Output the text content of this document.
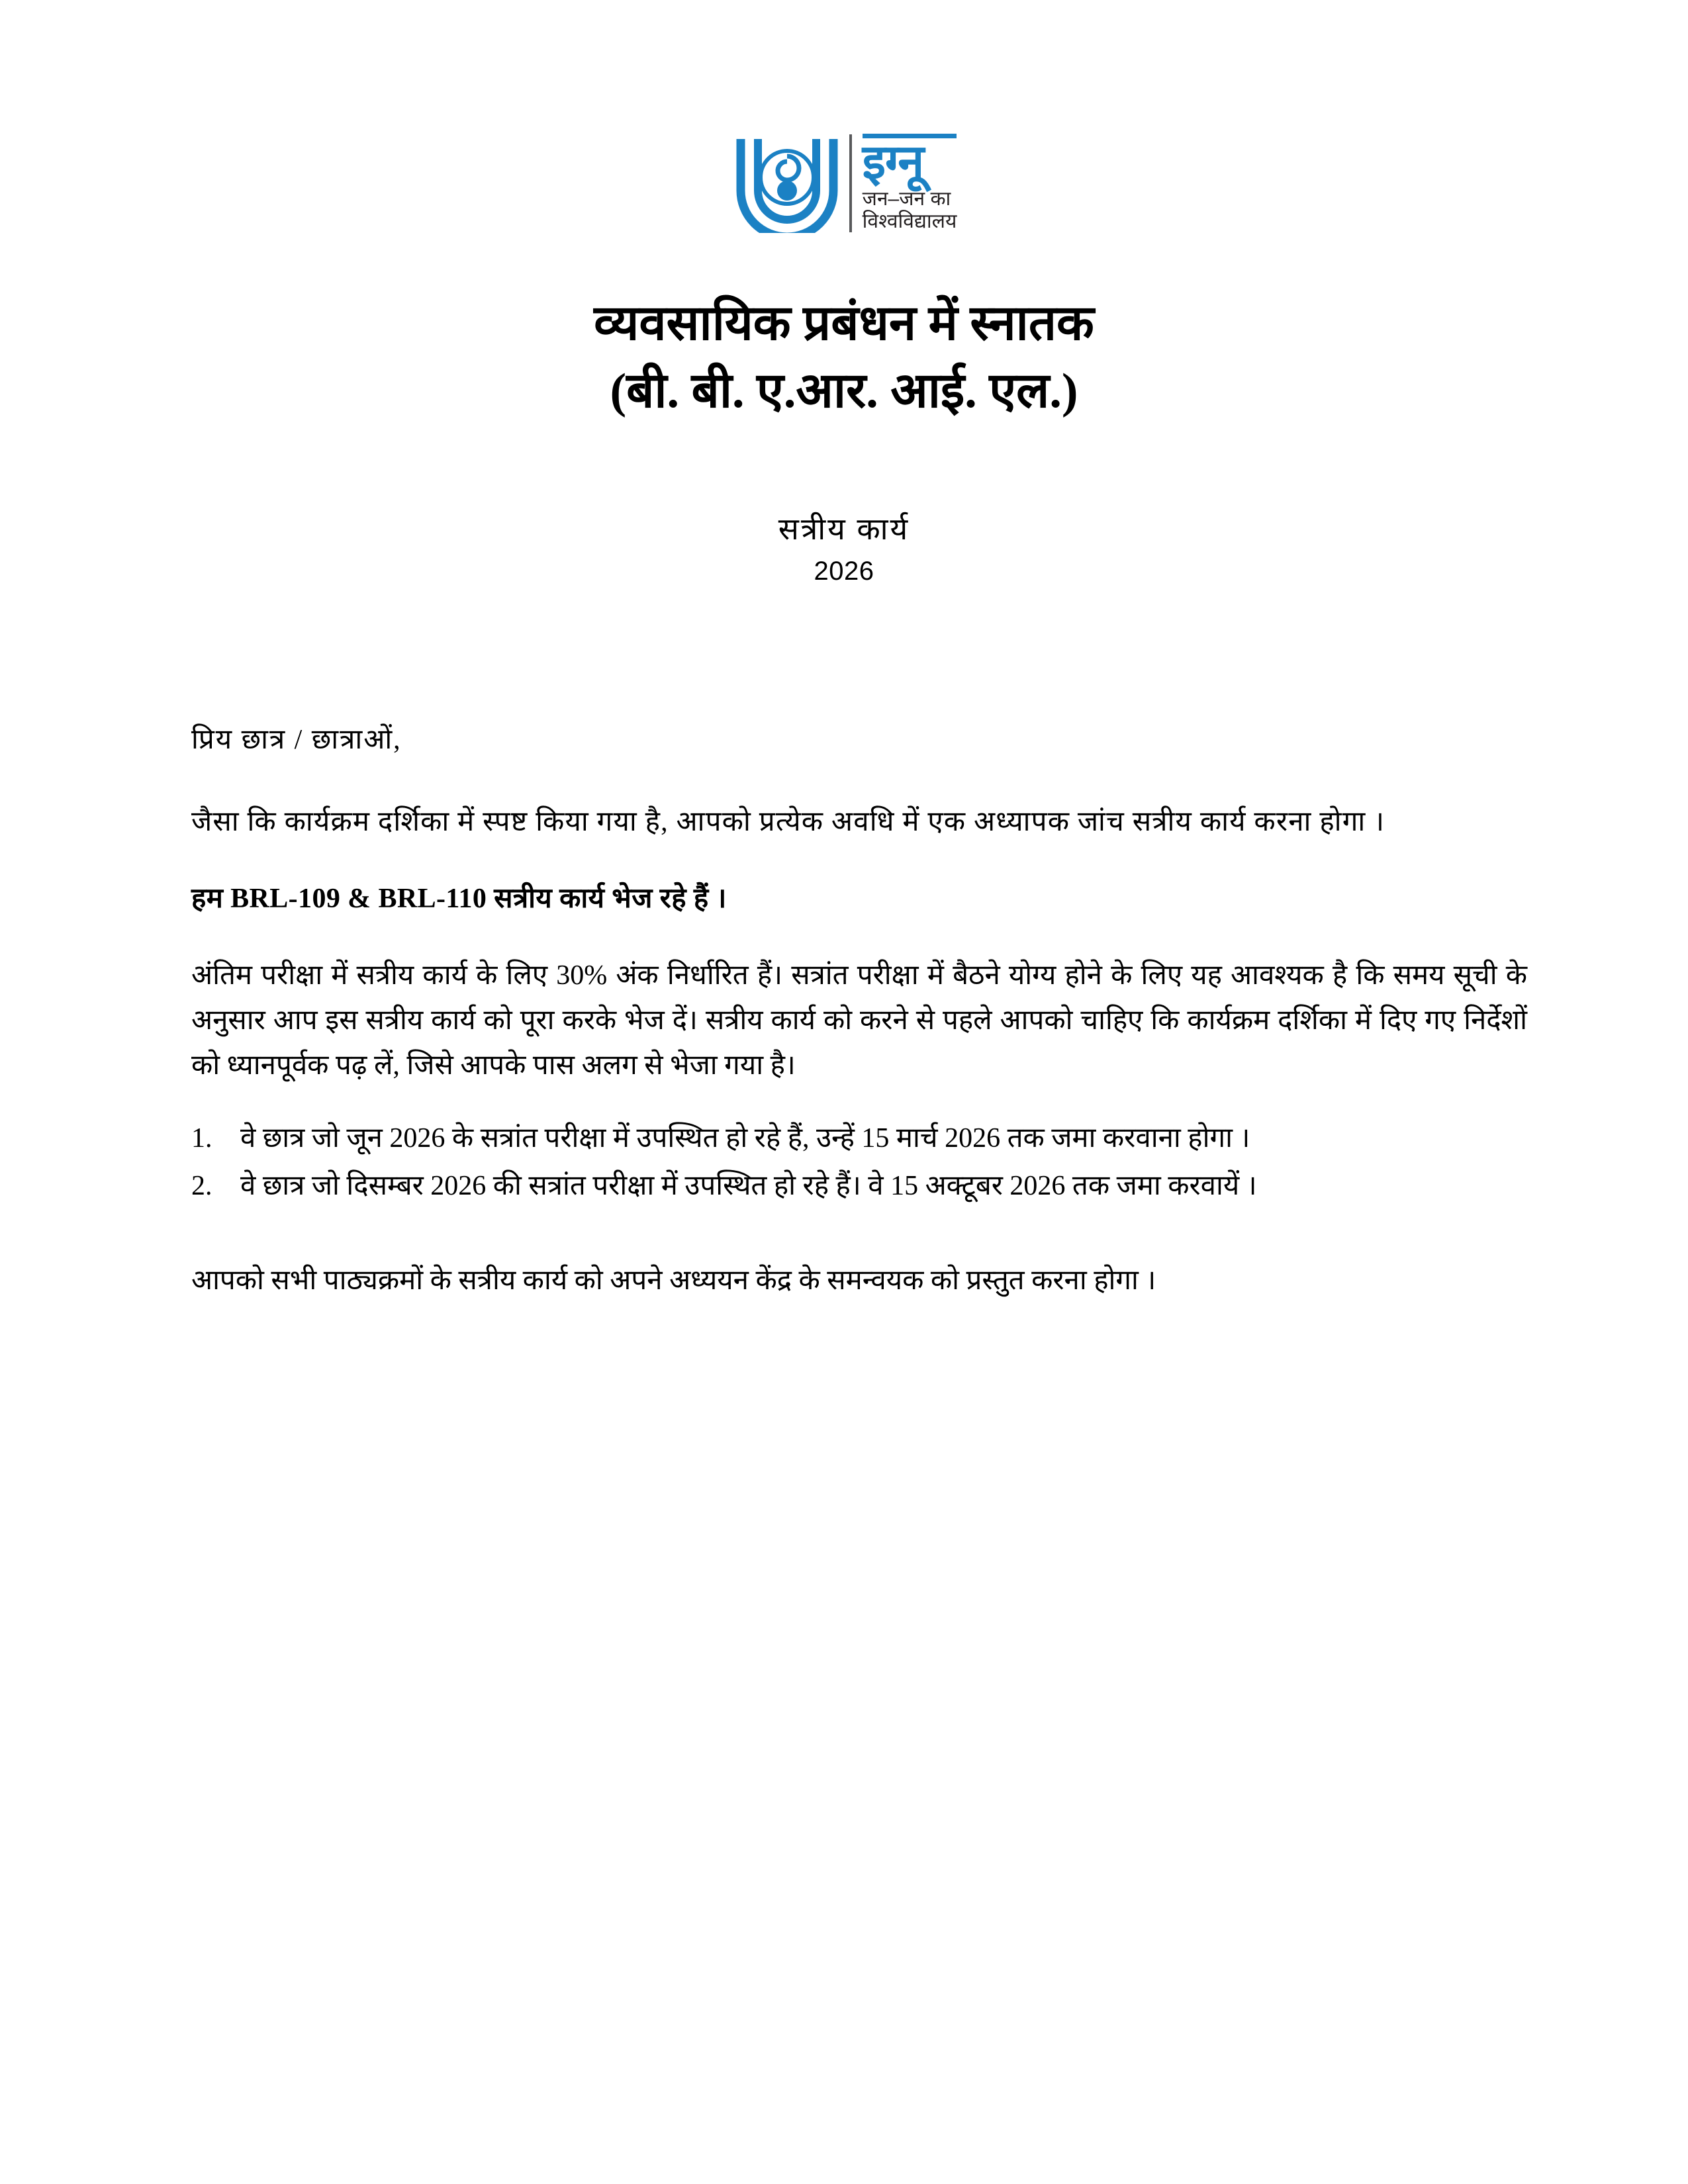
इग्नू
जन–जन का
विश्वविद्यालय
व्यवसायिक प्रबंधन में स्नातक
(बी. बी. ए.आर. आई. एल.)
सत्रीय कार्य
2026

प्रिय छात्र / छात्राओं,

जैसा कि कार्यक्रम दर्शिका में स्पष्ट किया गया है, आपको प्रत्येक अवधि में एक अध्यापक जांच सत्रीय कार्य करना होगा ।

हम BRL-109 & BRL-110 सत्रीय कार्य भेज रहे हैं ।

अंतिम परीक्षा में सत्रीय कार्य के लिए 30% अंक निर्धारित हैं। सत्रांत परीक्षा में बैठने योग्य होने के लिए यह आवश्यक है कि समय सूची के अनुसार आप इस सत्रीय कार्य को पूरा करके भेज दें। सत्रीय कार्य को करने से पहले आपको चाहिए कि कार्यक्रम दर्शिका में दिए गए निर्देशों को ध्यानपूर्वक पढ़ लें, जिसे आपके पास अलग से भेजा गया है।

1.	वे छात्र जो जून 2026 के सत्रांत परीक्षा में उपस्थित हो रहे हैं, उन्हें 15 मार्च 2026 तक जमा करवाना होगा ।
2.	वे छात्र जो दिसम्बर 2026 की सत्रांत परीक्षा में उपस्थित हो रहे हैं। वे 15 अक्टूबर 2026 तक जमा करवायें ।

आपको सभी पाठ्यक्रमों के सत्रीय कार्य को अपने अध्ययन केंद्र के समन्वयक को प्रस्तुत करना होगा ।
